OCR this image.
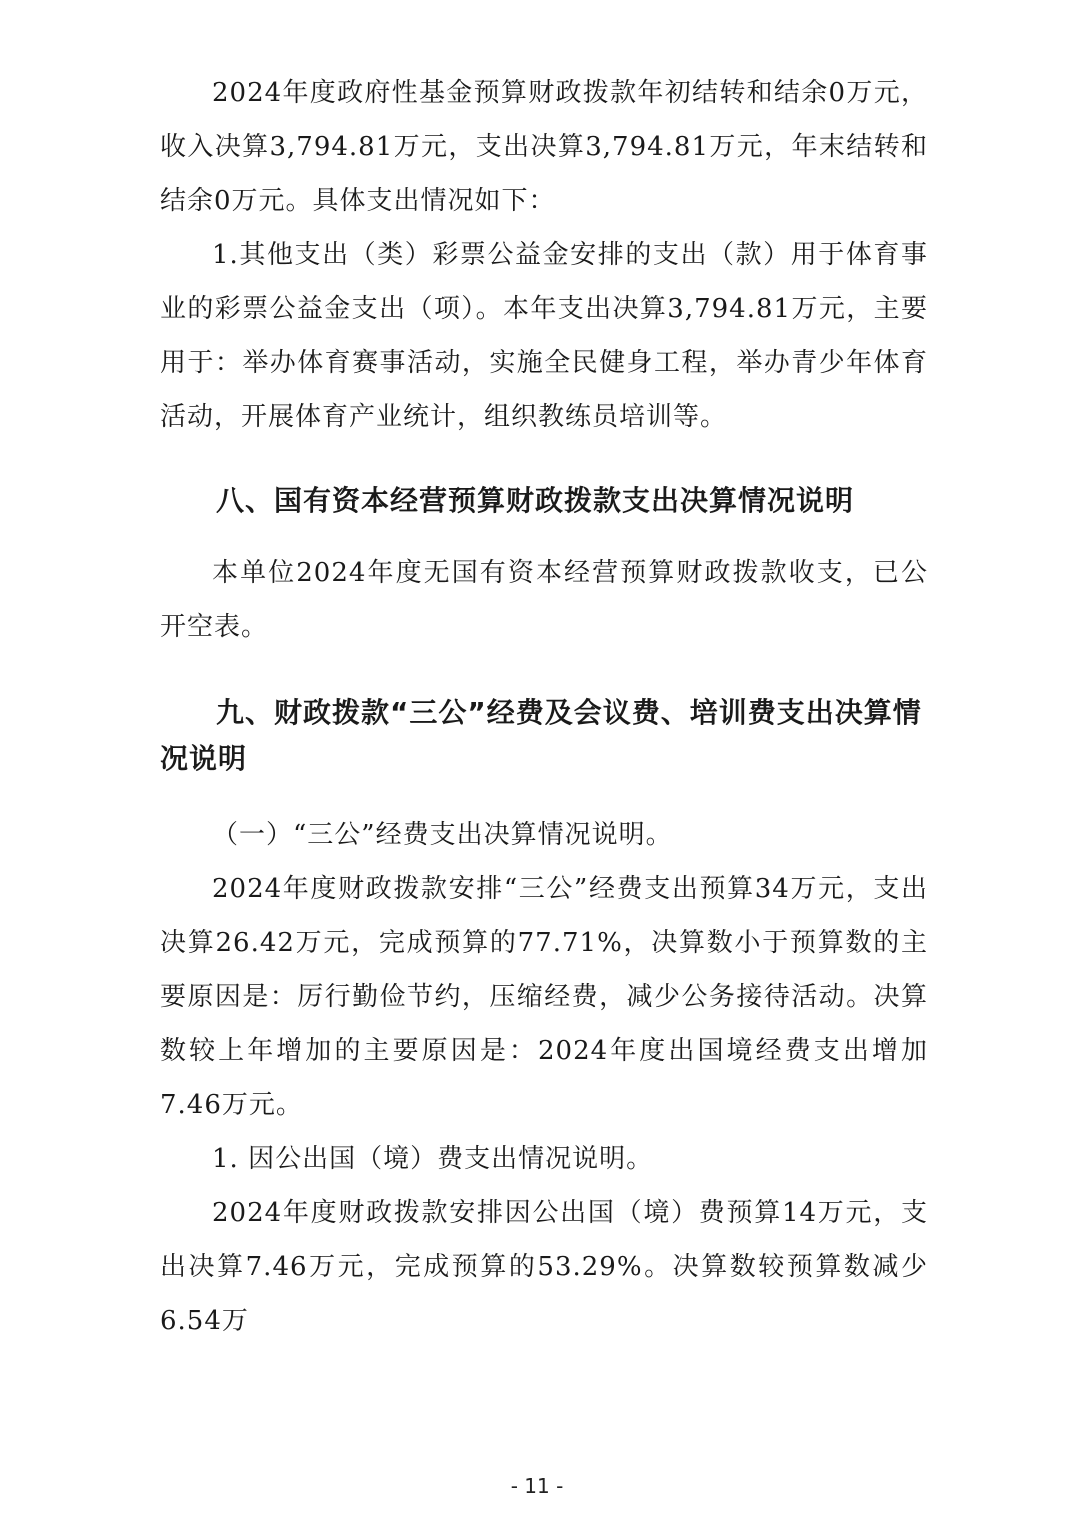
2024年度政府性基金预算财政拨款年初结转和结余0万元，收入决算3,794.81万元，支出决算3,794.81万元，年末结转和结余0万元。具体支出情况如下：

1.其他支出（类）彩票公益金安排的支出（款）用于体育事业的彩票公益金支出（项）。本年支出决算3,794.81万元，主要用于：举办体育赛事活动，实施全民健身工程，举办青少年体育活动，开展体育产业统计，组织教练员培训等。

八、国有资本经营预算财政拨款支出决算情况说明

本单位2024年度无国有资本经营预算财政拨款收支，已公开空表。

九、财政拨款“三公”经费及会议费、培训费支出决算情况说明

（一）“三公”经费支出决算情况说明。

2024年度财政拨款安排“三公”经费支出预算34万元，支出决算26.42万元，完成预算的77.71%，决算数小于预算数的主要原因是：厉行勤俭节约，压缩经费，减少公务接待活动。决算数较上年增加的主要原因是：2024年度出国境经费支出增加7.46万元。

1. 因公出国（境）费支出情况说明。

2024年度财政拨款安排因公出国（境）费预算14万元，支出决算7.46万元，完成预算的53.29%。决算数较预算数减少6.54万

- 11 -
